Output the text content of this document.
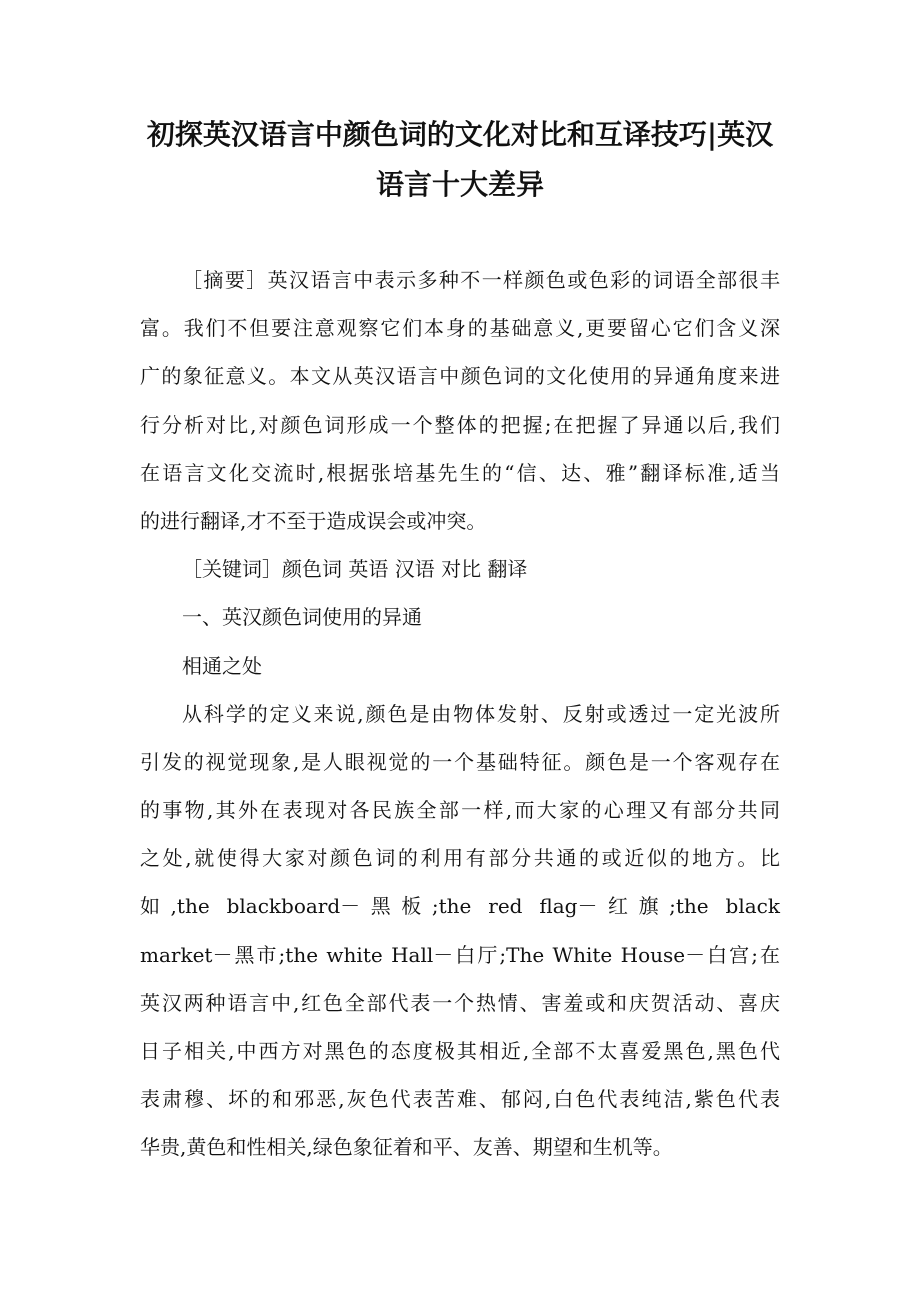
初探英汉语言中颜色词的文化对比和互译技巧|英汉
语言十大差异
［摘要］英汉语言中表示多种不一样颜色或色彩的词语全部很丰
富。我们不但要注意观察它们本身的基础意义,更要留心它们含义深
广的象征意义。本文从英汉语言中颜色词的文化使用的异通角度来进
行分析对比,对颜色词形成一个整体的把握;在把握了异通以后,我们
在语言文化交流时,根据张培基先生的“信、达、雅”翻译标准,适当
的进行翻译,才不至于造成误会或冲突。
［关键词］颜色词 英语 汉语 对比 翻译
一、英汉颜色词使用的异通
相通之处
从科学的定义来说,颜色是由物体发射、反射或透过一定光波所
引发的视觉现象,是人眼视觉的一个基础特征。颜色是一个客观存在
的事物,其外在表现对各民族全部一样,而大家的心理又有部分共同
之处,就使得大家对颜色词的利用有部分共通的或近似的地方。比
如,the blackboard－黑板;the red flag－红旗;the black
market－黑市;the white Hall－白厅;The White House－白宫;在
英汉两种语言中,红色全部代表一个热情、害羞或和庆贺活动、喜庆
日子相关,中西方对黑色的态度极其相近,全部不太喜爱黑色,黑色代
表肃穆、坏的和邪恶,灰色代表苦难、郁闷,白色代表纯洁,紫色代表
华贵,黄色和性相关,绿色象征着和平、友善、期望和生机等。
